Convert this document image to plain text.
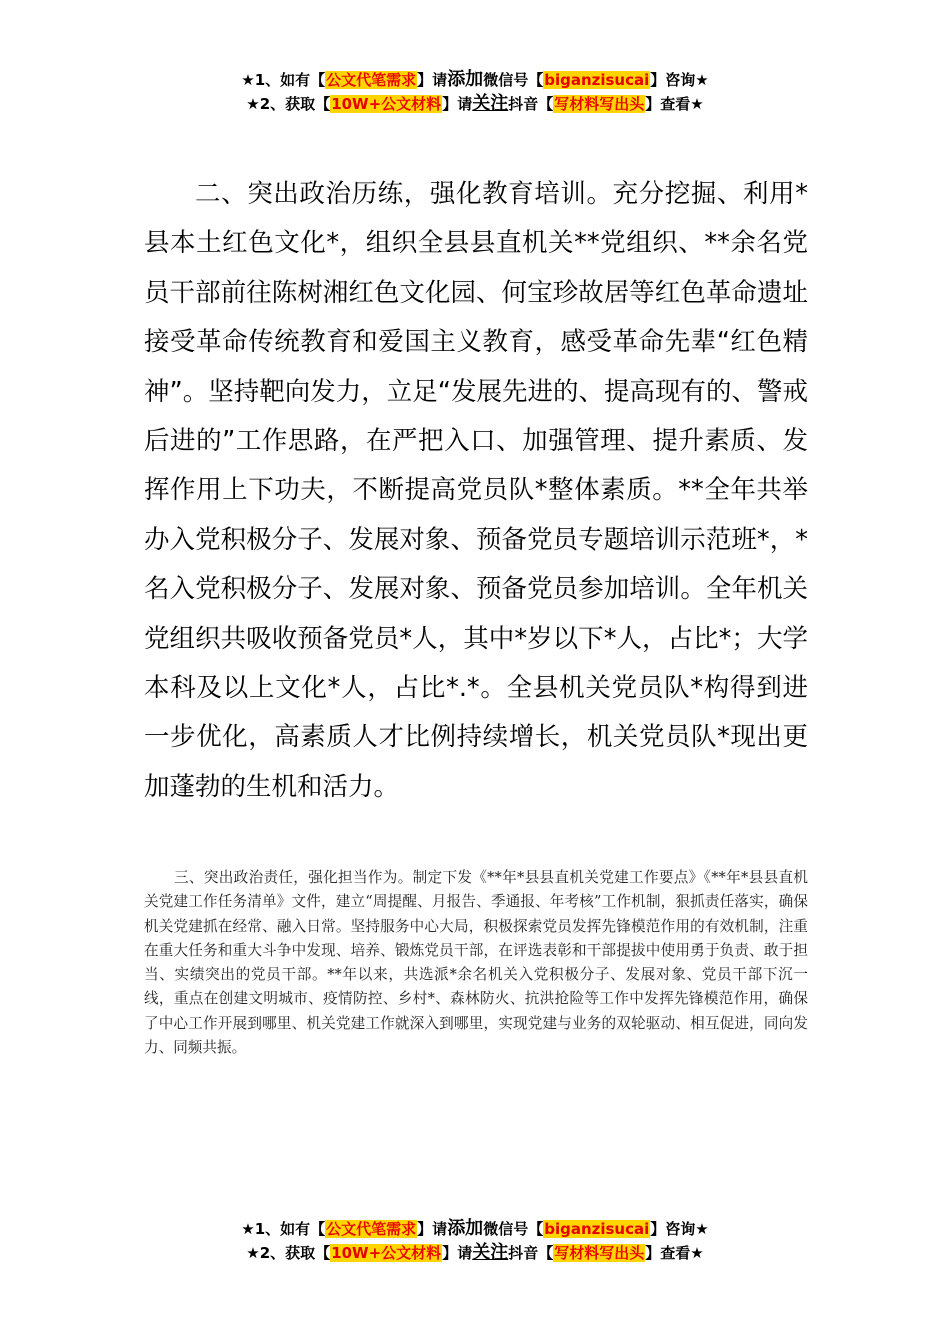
★1、如有【公文代笔需求】请添加微信号【biganzisucai】咨询★
★2、获取【10W+公文材料】请关注抖音【写材料写出头】查看★

二、突出政治历练，强化教育培训。充分挖掘、利用*县本土红色文化*，组织全县县直机关**党组织、**余名党员干部前往陈树湘红色文化园、何宝珍故居等红色革命遗址接受革命传统教育和爱国主义教育，感受革命先辈“红色精神”。坚持靶向发力，立足“发展先进的、提高现有的、警戒后进的”工作思路，在严把入口、加强管理、提升素质、发挥作用上下功夫，不断提高党员队*整体素质。**全年共举办入党积极分子、发展对象、预备党员专题培训示范班*，*名入党积极分子、发展对象、预备党员参加培训。全年机关党组织共吸收预备党员*人，其中*岁以下*人，占比*；大学本科及以上文化*人，占比*.*。全县机关党员队*构得到进一步优化，高素质人才比例持续增长，机关党员队*现出更加蓬勃的生机和活力。

三、突出政治责任，强化担当作为。制定下发《**年*县县直机关党建工作要点》《**年*县县直机关党建工作任务清单》文件，建立“周提醒、月报告、季通报、年考核”工作机制，狠抓责任落实，确保机关党建抓在经常、融入日常。坚持服务中心大局，积极探索党员发挥先锋模范作用的有效机制，注重在重大任务和重大斗争中发现、培养、锻炼党员干部，在评选表彰和干部提拔中使用勇于负责、敢于担当、实绩突出的党员干部。**年以来，共选派*余名机关入党积极分子、发展对象、党员干部下沉一线，重点在创建文明城市、疫情防控、乡村*、森林防火、抗洪抢险等工作中发挥先锋模范作用，确保了中心工作开展到哪里、机关党建工作就深入到哪里，实现党建与业务的双轮驱动、相互促进，同向发力、同频共振。

★1、如有【公文代笔需求】请添加微信号【biganzisucai】咨询★
★2、获取【10W+公文材料】请关注抖音【写材料写出头】查看★
